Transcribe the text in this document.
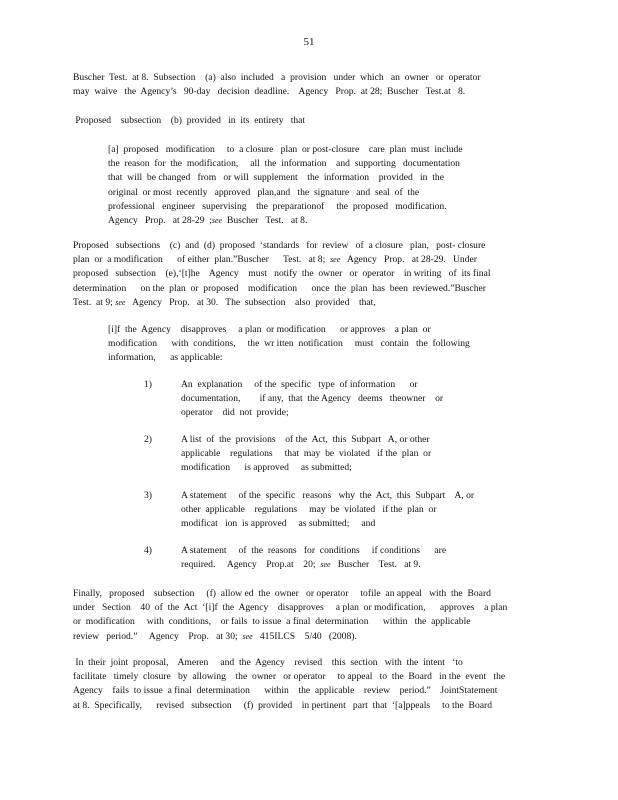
51
Buscher  Test.  at 8.  Subsection    (a)  also  included   a  provision   under  which   an  owner   or  operator
may  waive   the  Agency’s   90-day   decision  deadline.    Agency   Prop.  at 28;  Buscher   Test.at   8.
Proposed    subsection    (b)  provided   in  its  entirety   that
[a]  proposed   modification     to  a closure   plan  or post-closure    care  plan  must  include
the  reason  for  the  modification,     all  the  information    and  supporting   documentation
that  will  be changed   from   or will  supplement    the  information    provided   in  the
original  or most  recently   approved   plan,and   the  signature   and  seal  of  the
professional   engineer   supervising    the  preparationof     the  proposed   modification.
Agency   Prop.   at 28-29  ;see  Buscher   Test.   at 8.
Proposed   subsections    (c)  and  (d)  proposed  ‘standards   for  review   of  a closure   plan,   post- closure
plan  or  a modification      of either  plan.”Buscher      Test.   at 8;  see   Agency   Prop.   at 28-29.   Under
proposed   subsection    (e),‘[t]he    Agency    must   notify  the  owner   or  operator    in writing   of  its final
determination      on the  plan  or  proposed    modification      once  the  plan  has  been  reviewed.”Buscher
Test.  at 9; see   Agency   Prop.   at 30.   The  subsection    also  provided    that,
[i]f  the  Agency    disapproves     a plan  or modification      or approves    a plan  or
modification      with  conditions,     the  wr itten  notification     must   contain   the  following
information,      as applicable:
1)	An  explanation     of the  specific   type  of information      or
documentation,        if any,  that  the Agency   deems   theowner    or
operator    did  not  provide;
2)	A list  of  the  provisions    of the  Act,  this  Subpart   A, or other
applicable    regulations     that  may  be  violated   if the  plan  or
modification      is approved     as submitted;
3)	A statement     of the  specific   reasons   why  the  Act,  this  Subpart    A, or
other  applicable    regulations     may  be  violated   if the  plan  or
modificat   ion  is approved     as submitted;     and
4)	A statement     of  the  reasons   for  conditions     if conditions      are
required.     Agency    Prop.at    20;  see   Buscher    Test.   at 9.
Finally,   proposed    subsection     (f)  allow ed  the  owner   or operator     tofile  an appeal   with  the  Board
under   Section    40  of  the  Act  ‘[i]f  the  Agency    disapproves     a plan  or modification,      approves    a plan
or  modification     with  conditions,    or fails  to issue  a final  determination      within   the  applicable
review   period.”     Agency    Prop.   at 30;  see   415ILCS    5/40   (2008).
In  their  joint  proposal,    Ameren     and  the  Agency    revised    this  section   with  the  intent   ‘to
facilitate   timely  closure   by  allowing    the  owner   or operator     to appeal   to  the  Board   in the  event   the
Agency    fails  to issue  a final  determination      within    the  applicable    review    period.”    JointStatement
at 8.  Specifically,      revised   subsection     (f)  provided    in pertinent   part  that  ‘[a]ppeals     to the  Board
